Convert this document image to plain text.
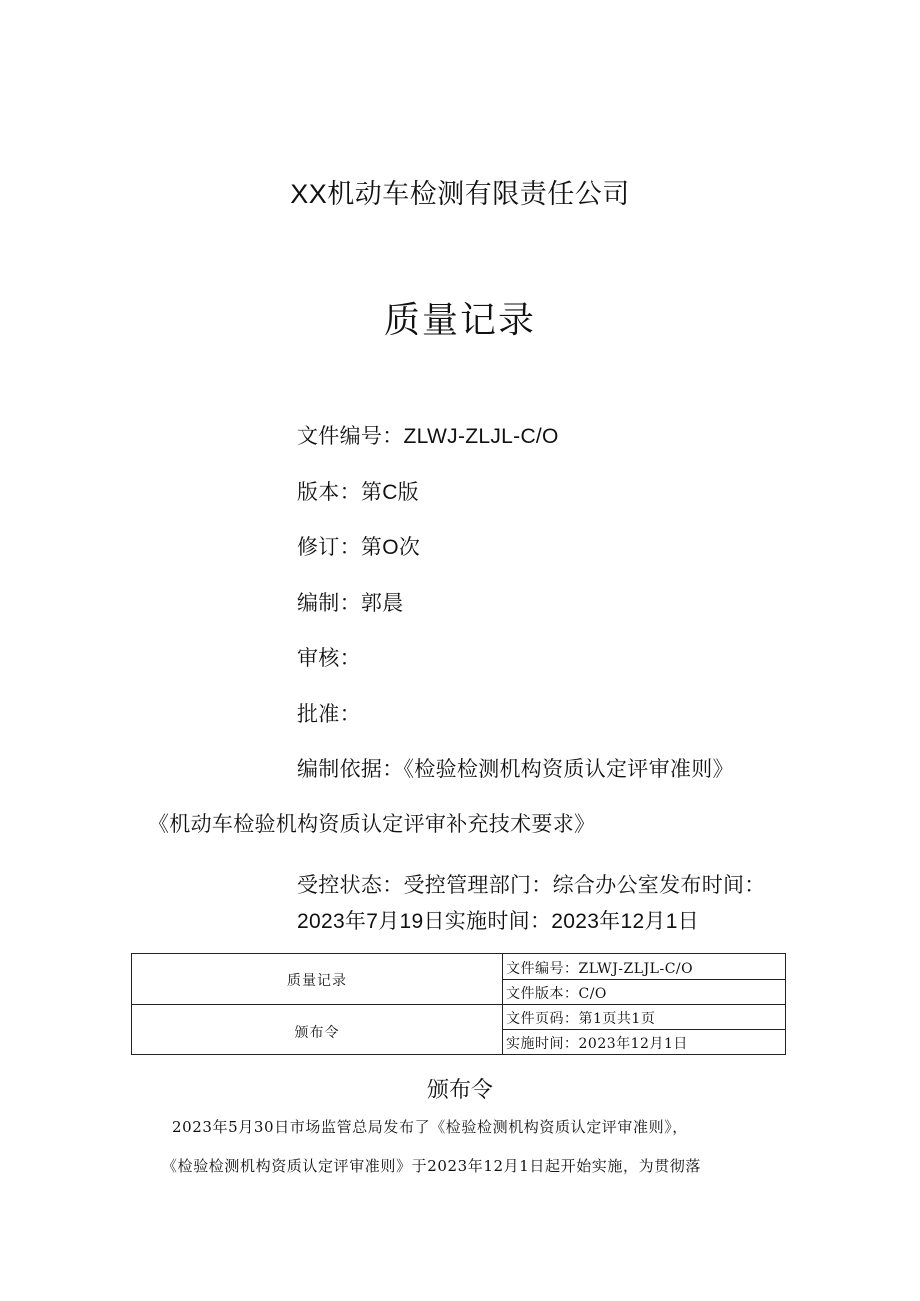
XX机动车检测有限责任公司
质量记录
文件编号：ZLWJ-ZLJL-C/O
版本：第C版
修订：第O次
编制：郭晨
审核：
批准：
编制依据：《检验检测机构资质认定评审准则》
《机动车检验机构资质认定评审补充技术要求》
受控状态：受控管理部门：综合办公室发布时间：
2023年7月19日实施时间：2023年12月1日
质量记录
颁布令
文件编号：ZLWJ-ZLJL-C/O
文件版本：C/O
文件页码：第1页共1页
实施时间：2023年12月1日
颁布令
2023年5月30日市场监管总局发布了《检验检测机构资质认定评审准则》，
《检验检测机构资质认定评审准则》于2023年12月1日起开始实施，为贯彻落
